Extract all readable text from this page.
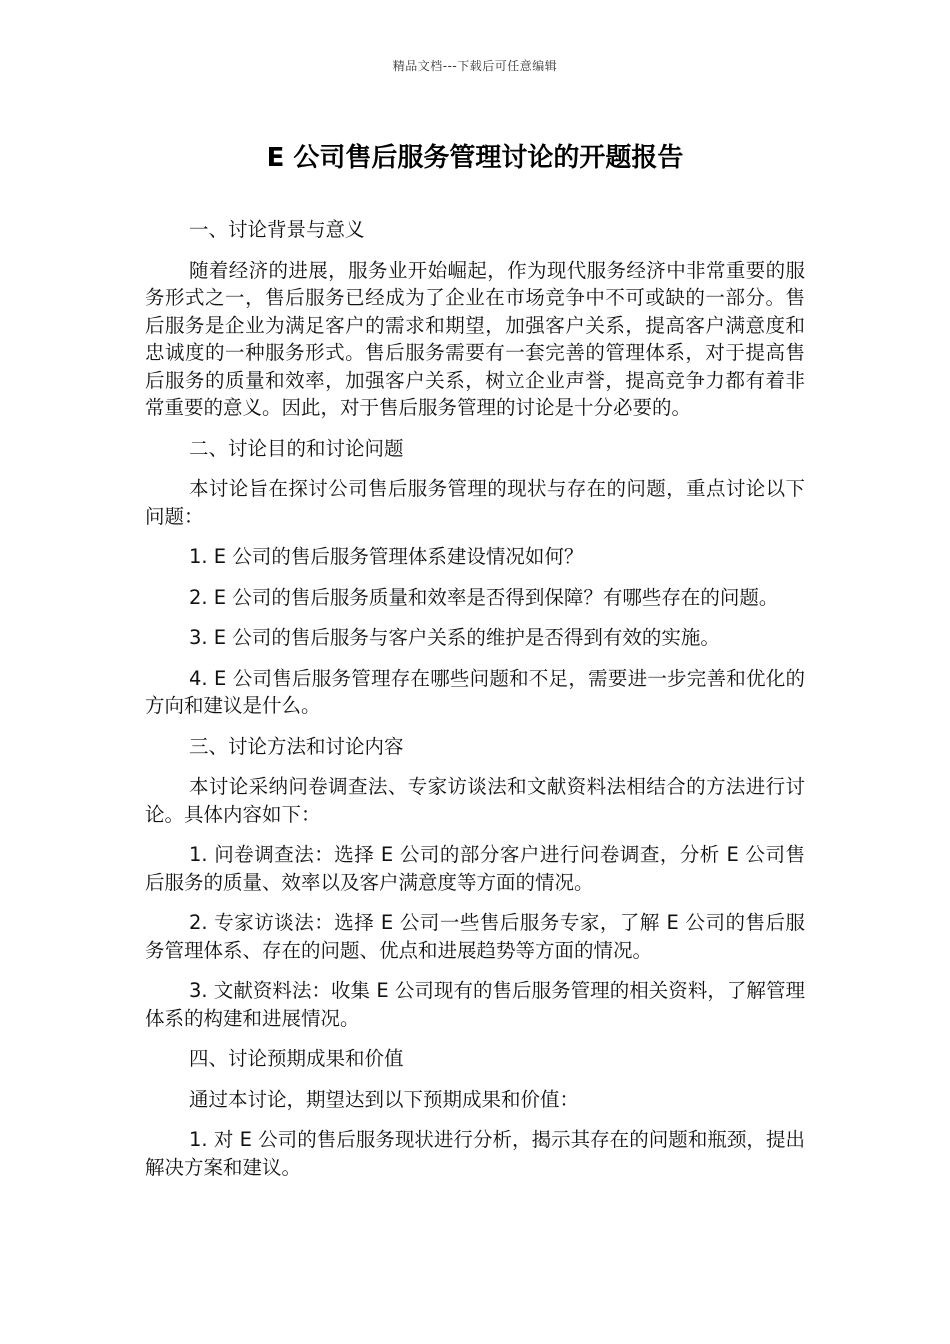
精品文档---下载后可任意编辑
E 公司售后服务管理讨论的开题报告

一、讨论背景与意义

随着经济的进展，服务业开始崛起，作为现代服务经济中非常重要的服务形式之一，售后服务已经成为了企业在市场竞争中不可或缺的一部分。售后服务是企业为满足客户的需求和期望，加强客户关系，提高客户满意度和忠诚度的一种服务形式。售后服务需要有一套完善的管理体系，对于提高售后服务的质量和效率，加强客户关系，树立企业声誉，提高竞争力都有着非常重要的意义。因此，对于售后服务管理的讨论是十分必要的。

二、讨论目的和讨论问题

本讨论旨在探讨公司售后服务管理的现状与存在的问题，重点讨论以下问题：

1. E 公司的售后服务管理体系建设情况如何？

2. E 公司的售后服务质量和效率是否得到保障？有哪些存在的问题。

3. E 公司的售后服务与客户关系的维护是否得到有效的实施。

4. E 公司售后服务管理存在哪些问题和不足，需要进一步完善和优化的方向和建议是什么。

三、讨论方法和讨论内容

本讨论采纳问卷调查法、专家访谈法和文献资料法相结合的方法进行讨论。具体内容如下：

1. 问卷调查法：选择 E 公司的部分客户进行问卷调查，分析 E 公司售后服务的质量、效率以及客户满意度等方面的情况。

2. 专家访谈法：选择 E 公司一些售后服务专家，了解 E 公司的售后服务管理体系、存在的问题、优点和进展趋势等方面的情况。

3. 文献资料法：收集 E 公司现有的售后服务管理的相关资料，了解管理体系的构建和进展情况。

四、讨论预期成果和价值

通过本讨论，期望达到以下预期成果和价值：

1. 对 E 公司的售后服务现状进行分析，揭示其存在的问题和瓶颈，提出解决方案和建议。
